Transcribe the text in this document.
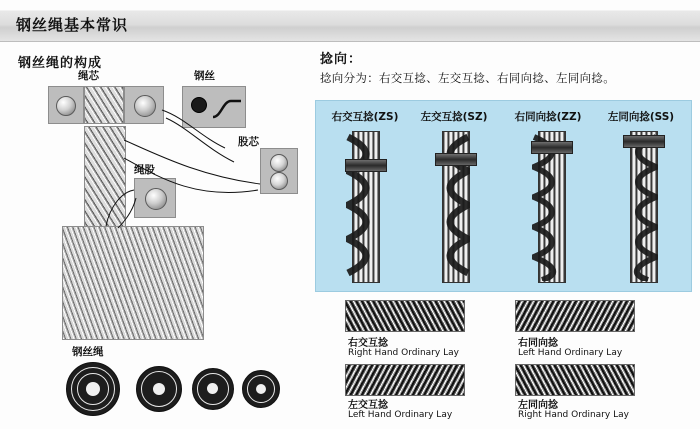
钢丝绳基本常识
钢丝绳的构成	捻向：
捻向分为：右交互捻、左交互捻、右同向捻、左同向捻。
绳芯	钢丝
股芯
绳股
钢丝绳
右交互捻(ZS)	左交互捻(SZ)	右同向捻(ZZ)	左同向捻(SS)
右交互捻
Right Hand Ordinary Lay
右同向捻
Left Hand Ordinary Lay
左交互捻
Left Hand Ordinary Lay
左同向捻
Right Hand Ordinary Lay
